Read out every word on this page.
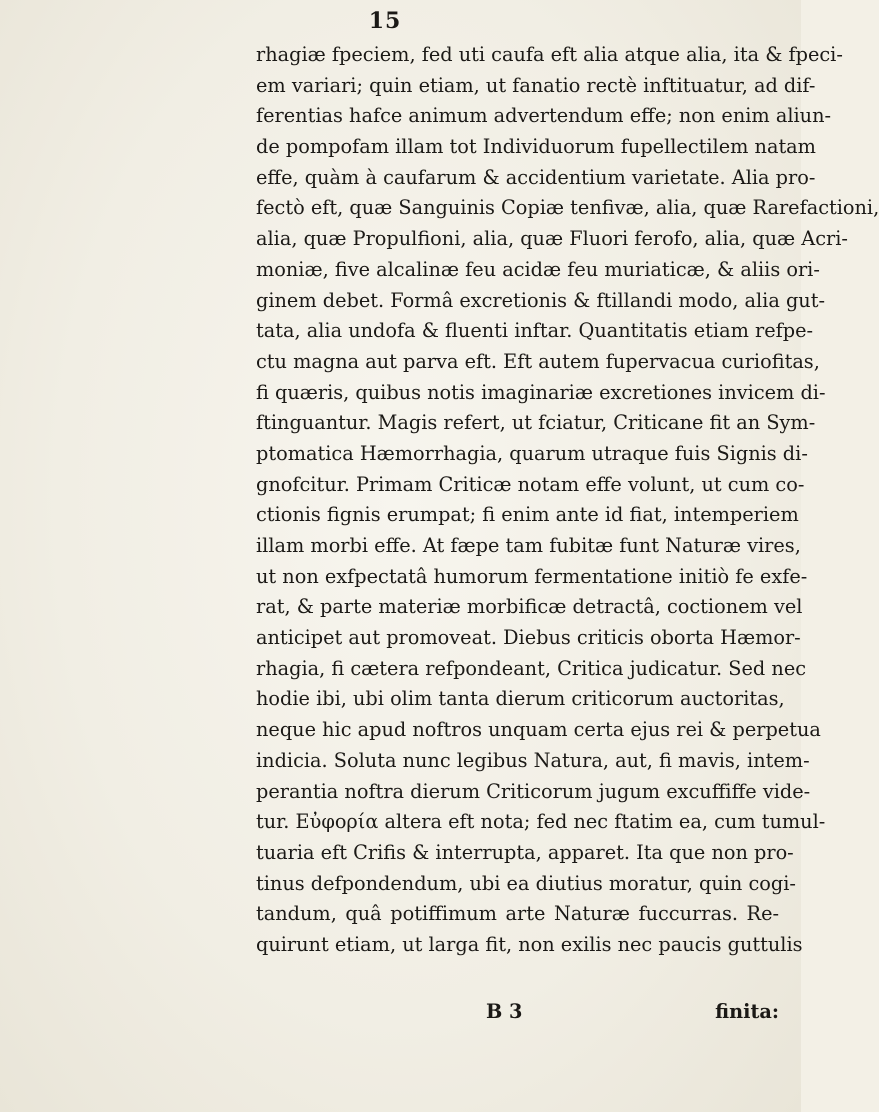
15
rhagiæ fpeciem, fed uti caufa eft alia atque alia, ita & fpeci-
em variari; quin etiam, ut fanatio rectè inftituatur, ad dif-
ferentias hafce animum advertendum effe; non enim aliun-
de pompofam illam tot Individuorum fupellectilem natam
effe, quàm à caufarum & accidentium varietate. Alia pro-
fectò eft, quæ Sanguinis Copiæ tenfivæ, alia, quæ Rarefactioni,
alia, quæ Propulfioni, alia, quæ Fluori ferofo, alia, quæ Acri-
moniæ, five alcalinæ feu acidæ feu muriaticæ, & aliis ori-
ginem debet. Formâ excretionis & ftillandi modo, alia gut-
tata, alia undofa & fluenti inftar. Quantitatis etiam refpe-
ctu magna aut parva eft. Eft autem fupervacua curiofitas,
fi quæris, quibus notis imaginariæ excretiones invicem di-
ftinguantur. Magis refert, ut fciatur, Criticane fit an Sym-
ptomatica Hæmorrhagia, quarum utraque fuis Signis di-
gnofcitur. Primam Criticæ notam effe volunt, ut cum co-
ctionis fignis erumpat; fi enim ante id fiat, intemperiem
illam morbi effe. At fæpe tam fubitæ funt Naturæ vires,
ut non exfpectatâ humorum fermentatione initiò fe exfe-
rat, & parte materiæ morbificæ detractâ, coctionem vel
anticipet aut promoveat. Diebus criticis oborta Hæmor-
rhagia, fi cætera refpondeant, Critica judicatur. Sed nec
hodie ibi, ubi olim tanta dierum criticorum auctoritas,
neque hic apud noftros unquam certa ejus rei & perpetua
indicia. Soluta nunc legibus Natura, aut, fi mavis, intem-
perantia noftra dierum Criticorum jugum excuffiffe vide-
tur. Εὐφορία altera eft nota; fed nec ftatim ea, cum tumul-
tuaria eft Crifis & interrupta, apparet. Ita que non pro-
tinus defpondendum, ubi ea diutius moratur, quin cogi-
tandum, quâ potiffimum arte Naturæ fuccurras. Re-
quirunt etiam, ut larga fit, non exilis nec paucis guttulis
B 3	finita:
